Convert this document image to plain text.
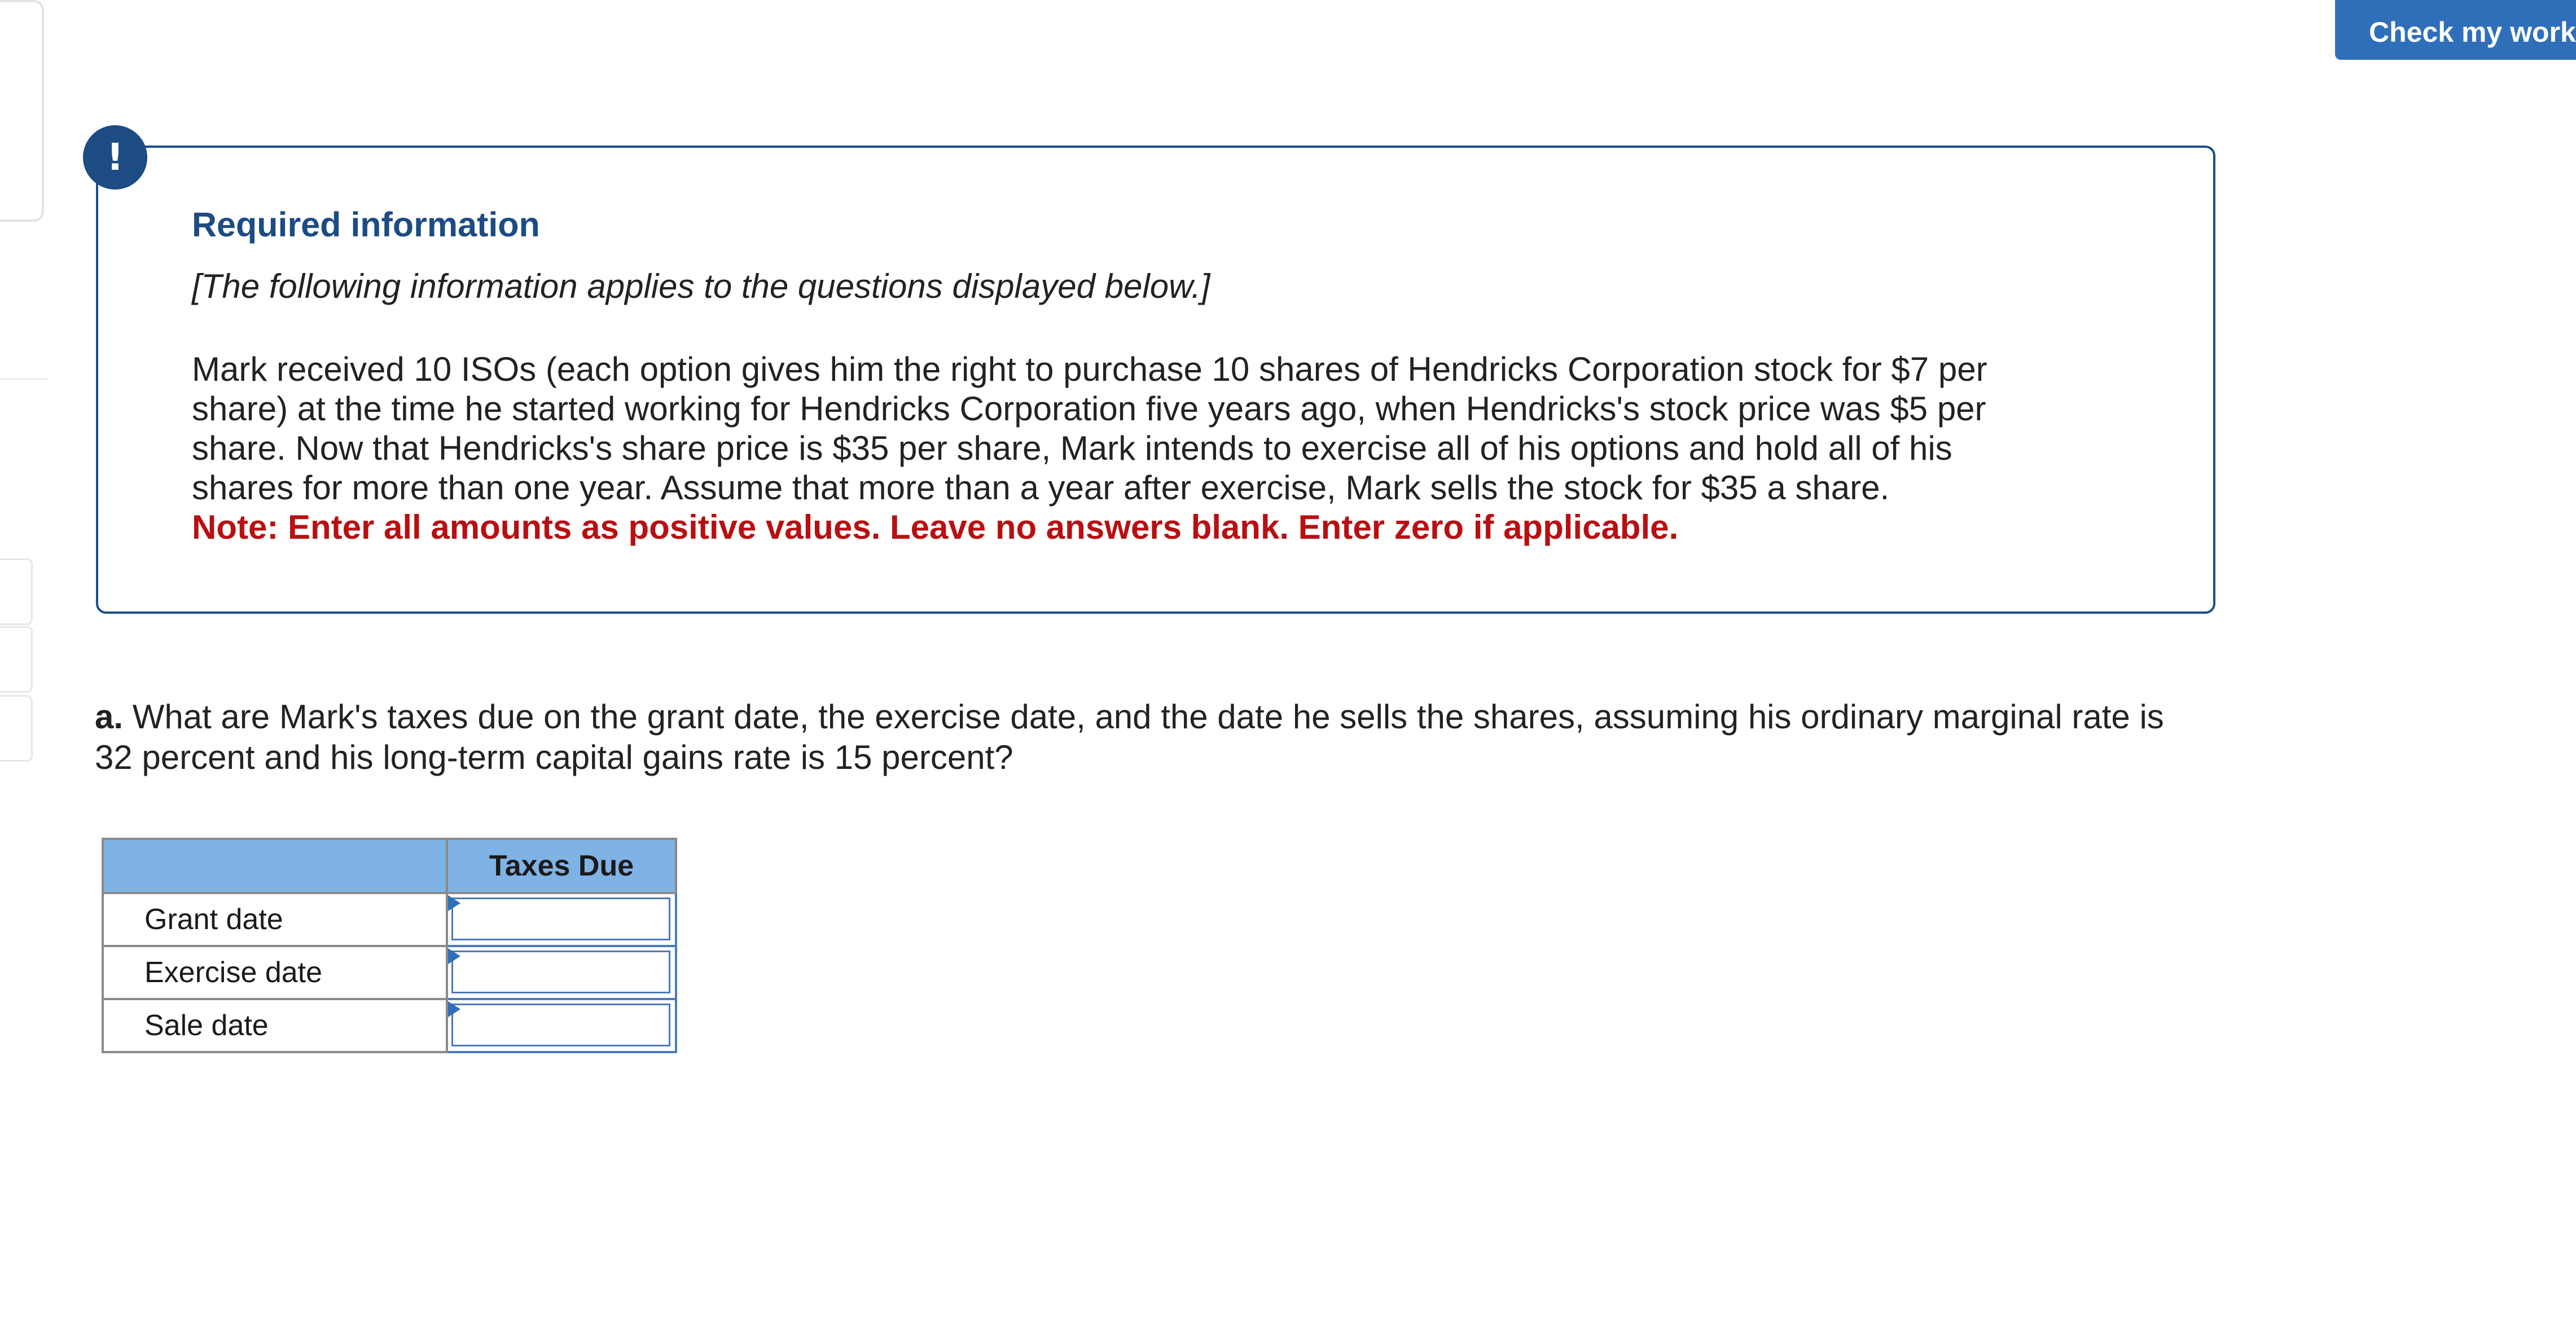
Check my work
!
Required information

[The following information applies to the questions displayed below.]

Mark received 10 ISOs (each option gives him the right to purchase 10 shares of Hendricks Corporation stock for $7 per
share) at the time he started working for Hendricks Corporation five years ago, when Hendricks's stock price was $5 per
share. Now that Hendricks's share price is $35 per share, Mark intends to exercise all of his options and hold all of his
shares for more than one year. Assume that more than a year after exercise, Mark sells the stock for $35 a share.

Note: Enter all amounts as positive values. Leave no answers blank. Enter zero if applicable.

a. What are Mark's taxes due on the grant date, the exercise date, and the date he sells the shares, assuming his ordinary marginal rate is 32 percent and his long-term capital gains rate is 15 percent?

	Taxes Due
Grant date	

Exercise date	

Sale date	
